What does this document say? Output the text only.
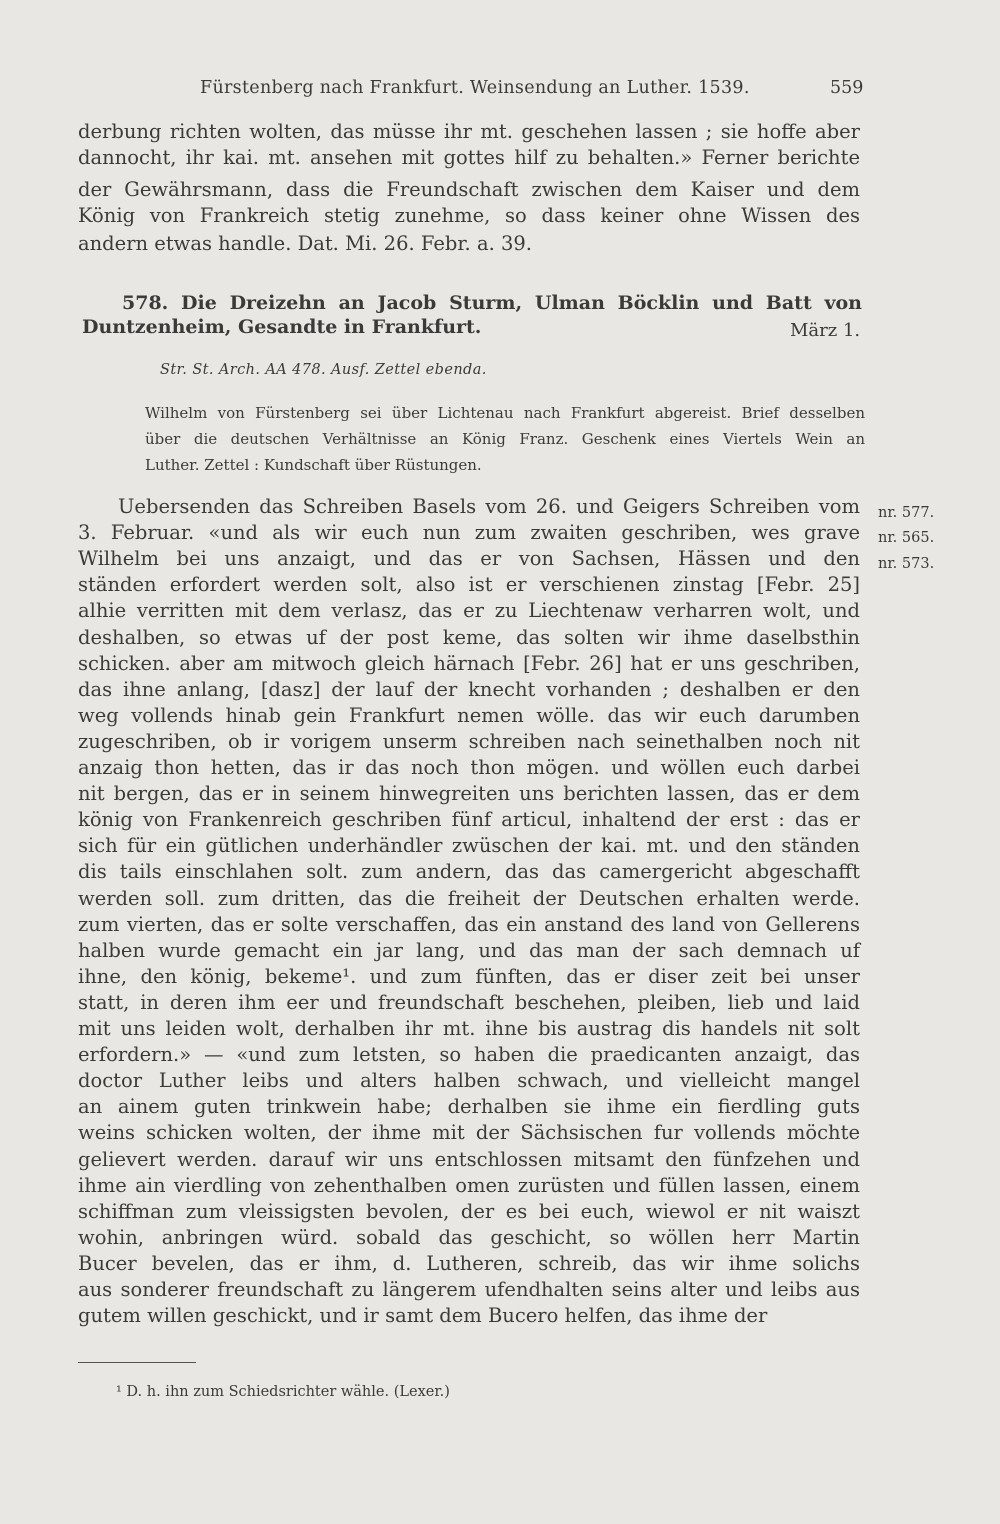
Fürstenberg nach Frankfurt. Weinsendung an Luther. 1539.	559
derbung richten wolten, das müsse ihr mt. geschehen lassen ; sie hoffe aber
dannocht, ihr kai. mt. ansehen mit gottes hilf zu behalten.» Ferner berichte
der Gewährsmann, dass die Freundschaft zwischen dem Kaiser und dem
König von Frankreich stetig zunehme, so dass keiner ohne Wissen des
andern etwas handle. Dat. Mi. 26. Febr. a. 39.
578. Die Dreizehn an Jacob Sturm, Ulman Böcklin und Batt von
Duntzenheim, Gesandte in Frankfurt.	März 1.
Str. St. Arch. AA 478. Ausf. Zettel ebenda.
Wilhelm von Fürstenberg sei über Lichtenau nach Frankfurt abgereist. Brief desselben
über die deutschen Verhältnisse an König Franz. Geschenk eines Viertels Wein an
Luther. Zettel : Kundschaft über Rüstungen.
nr. 577.
nr. 565.
nr. 573.
Uebersenden das Schreiben Basels vom 26. und Geigers Schreiben vom
3. Februar. «und als wir euch nun zum zwaiten geschriben, wes grave
Wilhelm bei uns anzaigt, und das er von Sachsen, Hässen und den
ständen erfordert werden solt, also ist er verschienen zinstag [Febr. 25]
alhie verritten mit dem verlasz, das er zu Liechtenaw verharren wolt, und
deshalben, so etwas uf der post keme, das solten wir ihme daselbsthin
schicken. aber am mitwoch gleich härnach [Febr. 26] hat er uns geschriben,
das ihne anlang, [dasz] der lauf der knecht vorhanden ; deshalben er den
weg vollends hinab gein Frankfurt nemen wölle. das wir euch darumben
zugeschriben, ob ir vorigem unserm schreiben nach seinethalben noch nit
anzaig thon hetten, das ir das noch thon mögen. und wöllen euch darbei
nit bergen, das er in seinem hinwegreiten uns berichten lassen, das er dem
könig von Frankenreich geschriben fünf articul, inhaltend der erst : das er
sich für ein gütlichen underhändler zwüschen der kai. mt. und den ständen
dis tails einschlahen solt. zum andern, das das camergericht abgeschafft
werden soll. zum dritten, das die freiheit der Deutschen erhalten werde.
zum vierten, das er solte verschaffen, das ein anstand des land von Gellerens
halben wurde gemacht ein jar lang, und das man der sach demnach uf
ihne, den könig, bekeme¹. und zum fünften, das er diser zeit bei unser
statt, in deren ihm eer und freundschaft beschehen, pleiben, lieb und laid
mit uns leiden wolt, derhalben ihr mt. ihne bis austrag dis handels nit solt
erfordern.» — «und zum letsten, so haben die praedicanten anzaigt, das
doctor Luther leibs und alters halben schwach, und vielleicht mangel
an ainem guten trinkwein habe; derhalben sie ihme ein fierdling guts
weins schicken wolten, der ihme mit der Sächsischen fur vollends möchte
gelievert werden. darauf wir uns entschlossen mitsamt den fünfzehen und
ihme ain vierdling von zehenthalben omen zurüsten und füllen lassen, einem
schiffman zum vleissigsten bevolen, der es bei euch, wiewol er nit waiszt
wohin, anbringen würd. sobald das geschicht, so wöllen herr Martin
Bucer bevelen, das er ihm, d. Lutheren, schreib, das wir ihme solichs
aus sonderer freundschaft zu längerem ufendhalten seins alter und leibs aus
gutem willen geschickt, und ir samt dem Bucero helfen, das ihme der
¹ D. h. ihn zum Schiedsrichter wähle. (Lexer.)
